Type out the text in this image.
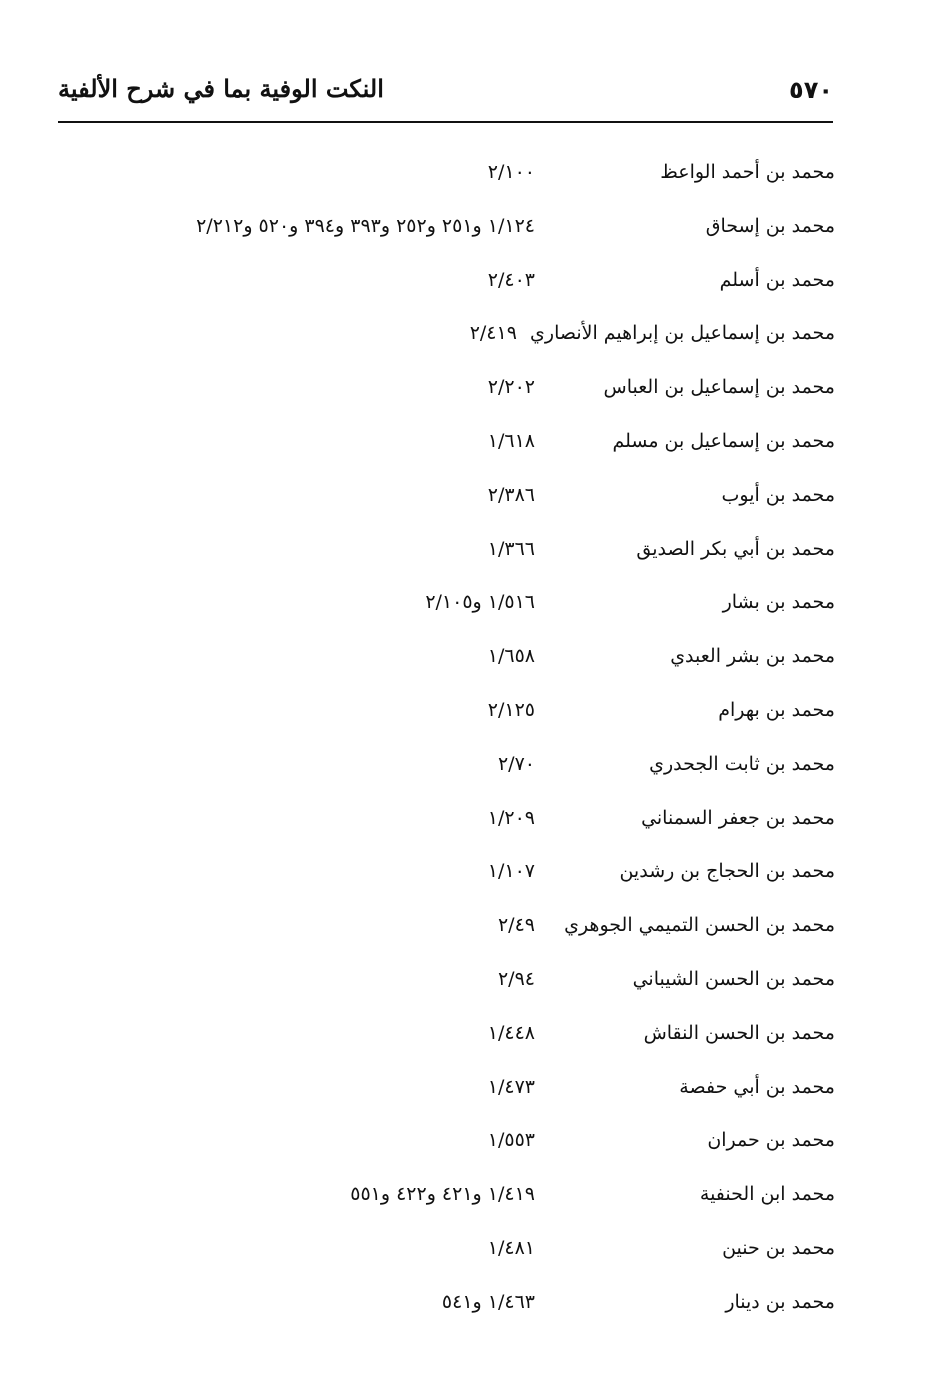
٥٧٠
النكت الوفية بما في شرح الألفية
محمد بن أحمد الواعظ
٢/١٠٠
محمد بن إسحاق
١/١٢٤ و٢٥١ و٢٥٢ و٣٩٣ و٣٩٤ و٥٢٠ و٢/٢١٢
محمد بن أسلم
٢/٤٠٣
محمد بن إسماعيل بن إبراهيم الأنصاري ٢/٤١٩
محمد بن إسماعيل بن العباس
٢/٢٠٢
محمد بن إسماعيل بن مسلم
١/٦١٨
محمد بن أيوب
٢/٣٨٦
محمد بن أبي بكر الصديق
١/٣٦٦
محمد بن بشار
١/٥١٦ و٢/١٠٥
محمد بن بشر العبدي
١/٦٥٨
محمد بن بهرام
٢/١٢٥
محمد بن ثابت الجحدري
٢/٧٠
محمد بن جعفر السمناني
١/٢٠٩
محمد بن الحجاج بن رشدين
١/١٠٧
محمد بن الحسن التميمي الجوهري
٢/٤٩
محمد بن الحسن الشيباني
٢/٩٤
محمد بن الحسن النقاش
١/٤٤٨
محمد بن أبي حفصة
١/٤٧٣
محمد بن حمران
١/٥٥٣
محمد ابن الحنفية
١/٤١٩ و٤٢١ و٤٢٢ و٥٥١
محمد بن حنين
١/٤٨١
محمد بن دينار
١/٤٦٣ و٥٤١
